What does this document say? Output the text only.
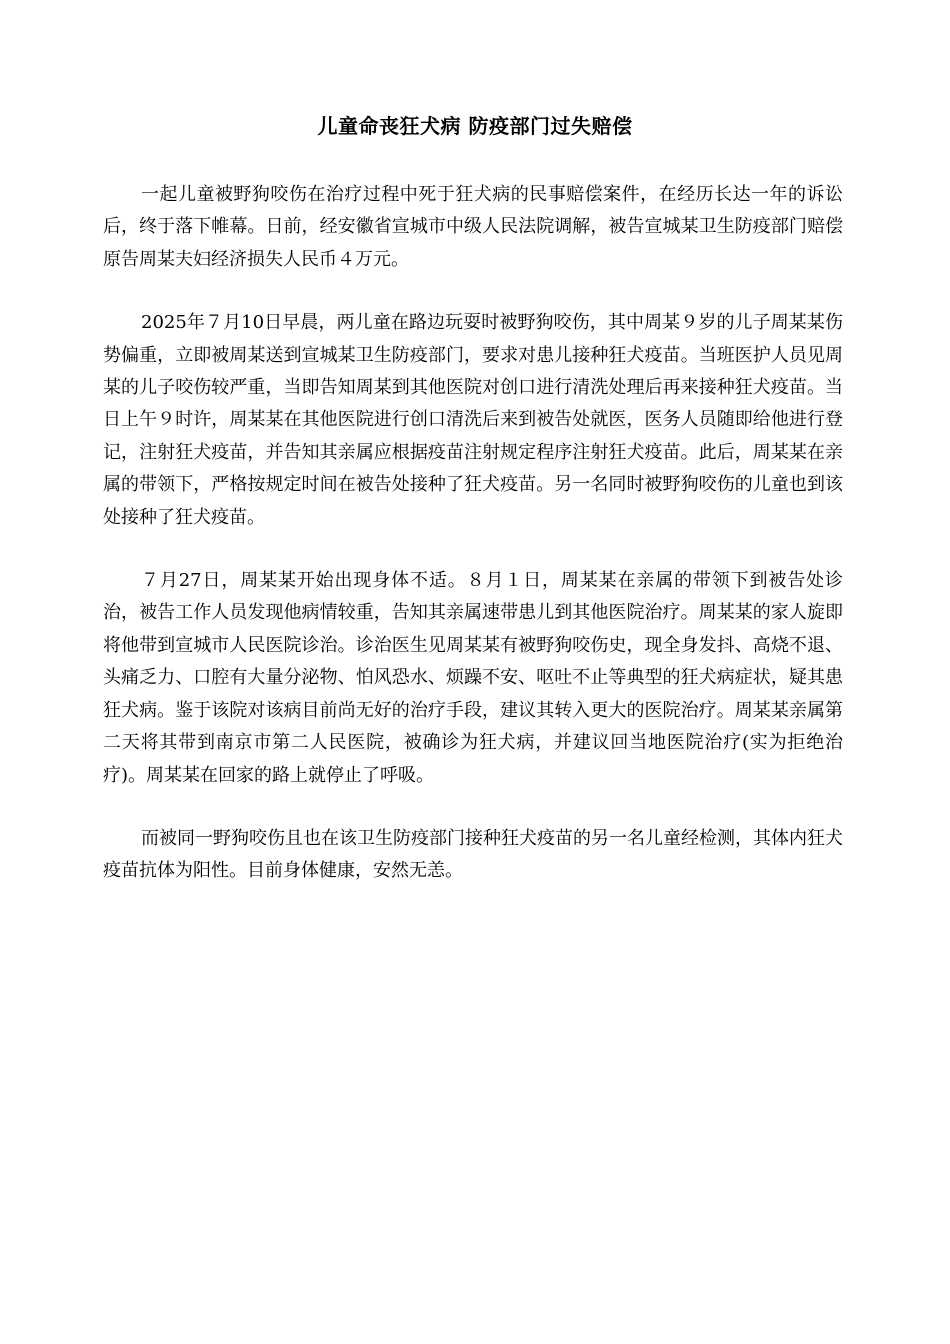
儿童命丧狂犬病 防疫部门过失赔偿

一起儿童被野狗咬伤在治疗过程中死于狂犬病的民事赔偿案件，在经历长达一年的诉讼后，终于落下帷幕。日前，经安徽省宣城市中级人民法院调解，被告宣城某卫生防疫部门赔偿原告周某夫妇经济损失人民币４万元。

2025年７月10日早晨，两儿童在路边玩耍时被野狗咬伤，其中周某９岁的儿子周某某伤势偏重，立即被周某送到宣城某卫生防疫部门，要求对患儿接种狂犬疫苗。当班医护人员见周某的儿子咬伤较严重，当即告知周某到其他医院对创口进行清洗处理后再来接种狂犬疫苗。当日上午９时许，周某某在其他医院进行创口清洗后来到被告处就医，医务人员随即给他进行登记，注射狂犬疫苗，并告知其亲属应根据疫苗注射规定程序注射狂犬疫苗。此后，周某某在亲属的带领下，严格按规定时间在被告处接种了狂犬疫苗。另一名同时被野狗咬伤的儿童也到该处接种了狂犬疫苗。

７月27日，周某某开始出现身体不适。８月１日，周某某在亲属的带领下到被告处诊治，被告工作人员发现他病情较重，告知其亲属速带患儿到其他医院治疗。周某某的家人旋即将他带到宣城市人民医院诊治。诊治医生见周某某有被野狗咬伤史，现全身发抖、高烧不退、头痛乏力、口腔有大量分泌物、怕风恐水、烦躁不安、呕吐不止等典型的狂犬病症状，疑其患狂犬病。鉴于该院对该病目前尚无好的治疗手段，建议其转入更大的医院治疗。周某某亲属第二天将其带到南京市第二人民医院，被确诊为狂犬病，并建议回当地医院治疗(实为拒绝治疗)。周某某在回家的路上就停止了呼吸。

而被同一野狗咬伤且也在该卫生防疫部门接种狂犬疫苗的另一名儿童经检测，其体内狂犬疫苗抗体为阳性。目前身体健康，安然无恙。
